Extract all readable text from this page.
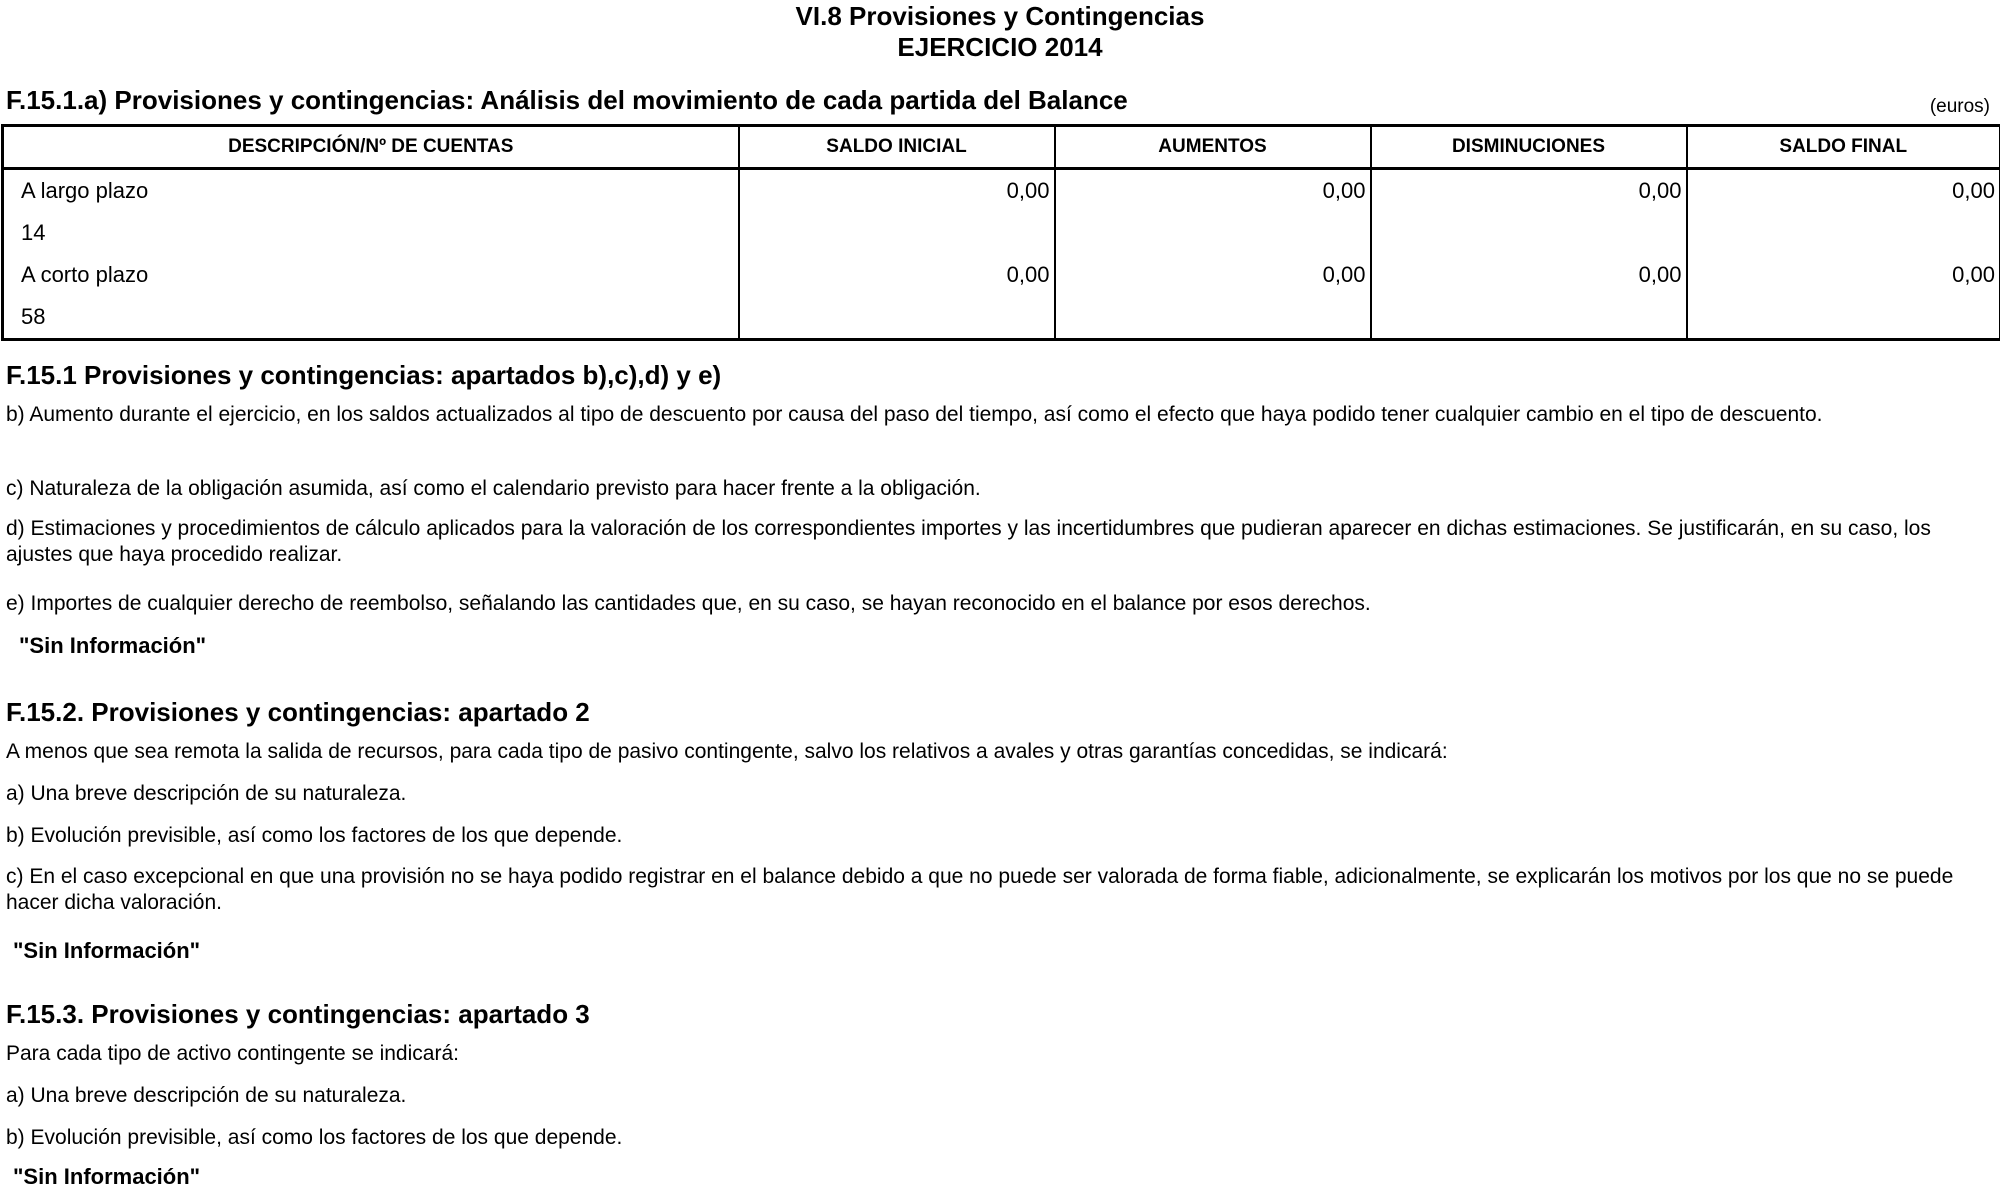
VI.8 Provisiones y Contingencias
EJERCICIO 2014
F.15.1.a) Provisiones y contingencias: Análisis del movimiento de cada partida del Balance	(euros)
DESCRIPCIÓN/Nº DE CUENTAS	SALDO INICIAL	AUMENTOS	DISMINUCIONES	SALDO FINAL
A largo plazo	0,00	0,00	0,00	0,00
14				
A corto plazo	0,00	0,00	0,00	0,00
58				
F.15.1 Provisiones y contingencias: apartados b),c),d) y e)
b) Aumento durante el ejercicio, en los saldos actualizados al tipo de descuento por causa del paso del tiempo, así como el efecto que haya podido tener cualquier cambio en el tipo de descuento.
c) Naturaleza de la obligación asumida, así como el calendario previsto para hacer frente a la obligación.
d) Estimaciones y procedimientos de cálculo aplicados para la valoración de los correspondientes importes y las incertidumbres que pudieran aparecer en dichas estimaciones. Se justificarán, en su caso, los ajustes que haya procedido realizar.
e) Importes de cualquier derecho de reembolso, señalando las cantidades que, en su caso, se hayan reconocido en el balance por esos derechos.
"Sin Información"
F.15.2. Provisiones y contingencias: apartado 2
A menos que sea remota la salida de recursos, para cada tipo de pasivo contingente, salvo los relativos a avales y otras garantías concedidas, se indicará:
a) Una breve descripción de su naturaleza.
b) Evolución previsible, así como los factores de los que depende.
c) En el caso excepcional en que una provisión no se haya podido registrar en el balance debido a que no puede ser valorada de forma fiable, adicionalmente, se explicarán los motivos por los que no se puede hacer dicha valoración.
"Sin Información"
F.15.3. Provisiones y contingencias: apartado 3
Para cada tipo de activo contingente se indicará:
a) Una breve descripción de su naturaleza.
b) Evolución previsible, así como los factores de los que depende.
"Sin Información"
